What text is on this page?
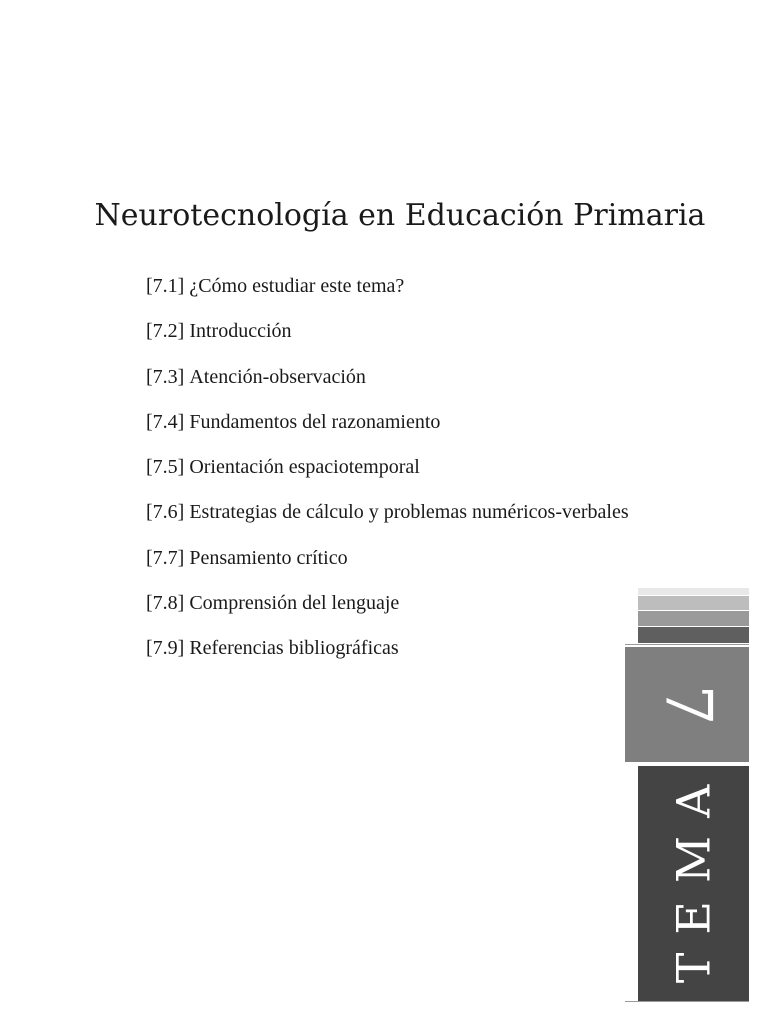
Neurotecnología en Educación Primaria
[7.1] ¿Cómo estudiar este tema?
[7.2] Introducción
[7.3] Atención-observación
[7.4] Fundamentos del razonamiento
[7.5] Orientación espaciotemporal
[7.6] Estrategias de cálculo y problemas numéricos-verbales
[7.7] Pensamiento crítico
[7.8] Comprensión del lenguaje
[7.9] Referencias bibliográficas
7
TEMA
